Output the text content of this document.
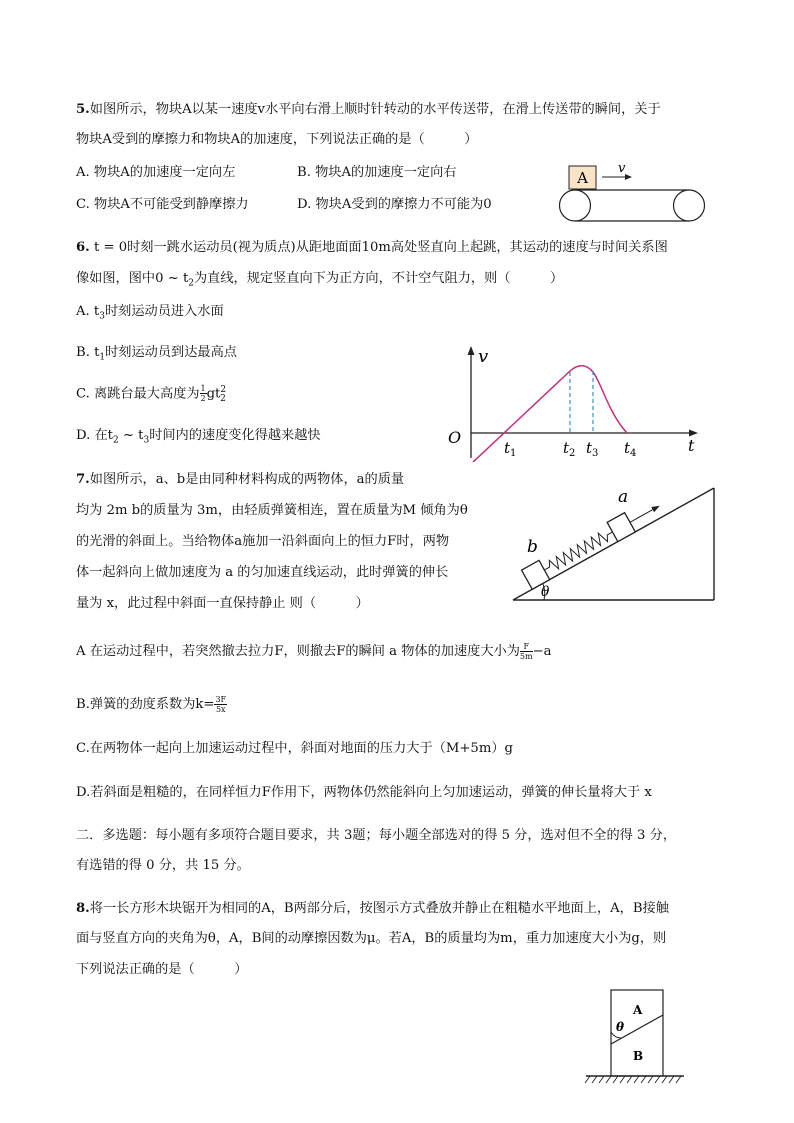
5.如图所示，物块A以某一速度v水平向右滑上顺时针转动的水平传送带，在滑上传送带的瞬间，关于
物块A受到的摩擦力和物块A的加速度，下列说法正确的是（　　　）
A. 物块A的加速度一定向左	B. 物块A的加速度一定向右
C. 物块A不可能受到静摩擦力	D. 物块A受到的摩擦力不可能为0
A
v
6. t = 0时刻一跳水运动员(视为质点)从距地面面10m高处竖直向上起跳，其运动的速度与时间关系图
像如图，图中0 ~ $t_2$为直线，规定竖直向下为正方向，不计空气阻力，则（　　　）
A. $t_3$时刻运动员进入水面
B. $t_1$时刻运动员到达最高点
C. 离跳台最大高度为 $\frac{1}{2} gt^2_2$
D. 在$t_2$ ~ $t_3$时间内的速度变化得越来越快
v
O	t
$t_1$	$t_2$ $t_3$ $t_4$
7.如图所示，a、b是由同种材料构成的两物体，a的质量
均为 2m b的质量为 3m，由轻质弹簧相连，置在质量为M 倾角为θ
的光滑的斜面上。当给物体a施加一沿斜面向上的恒力F时，两物
体一起斜向上做加速度为 a 的匀加速直线运动，此时弹簧的伸长
量为 x，此过程中斜面一直保持静止 则（　　　）
θ
b
a
A 在运动过程中，若突然撤去拉力F，则撤去F的瞬间 a 物体的加速度大小为 $\frac{F}{5m} -a$
B.弹簧的劲度系数为$k= \frac{3F}{5x}$
C.在两物体一起向上加速运动过程中，斜面对地面的压力大于（M+5m）g
D.若斜面是粗糙的，在同样恒力F作用下，两物体仍然能斜向上匀加速运动，弹簧的伸长量将大于 x
二．多选题：每小题有多项符合题目要求，共 3题；每小题全部选对的得 5 分，选对但不全的得 3 分，
有选错的得 0 分，共 15 分。
8.将一长方形木块锯开为相同的A，B两部分后，按图示方式叠放并静止在粗糙水平地面上，A，B接触
面与竖直方向的夹角为θ，A，B间的动摩擦因数为μ。若A，B的质量均为m，重力加速度大小为g，则
下列说法正确的是（　　　）
A
θ
B
